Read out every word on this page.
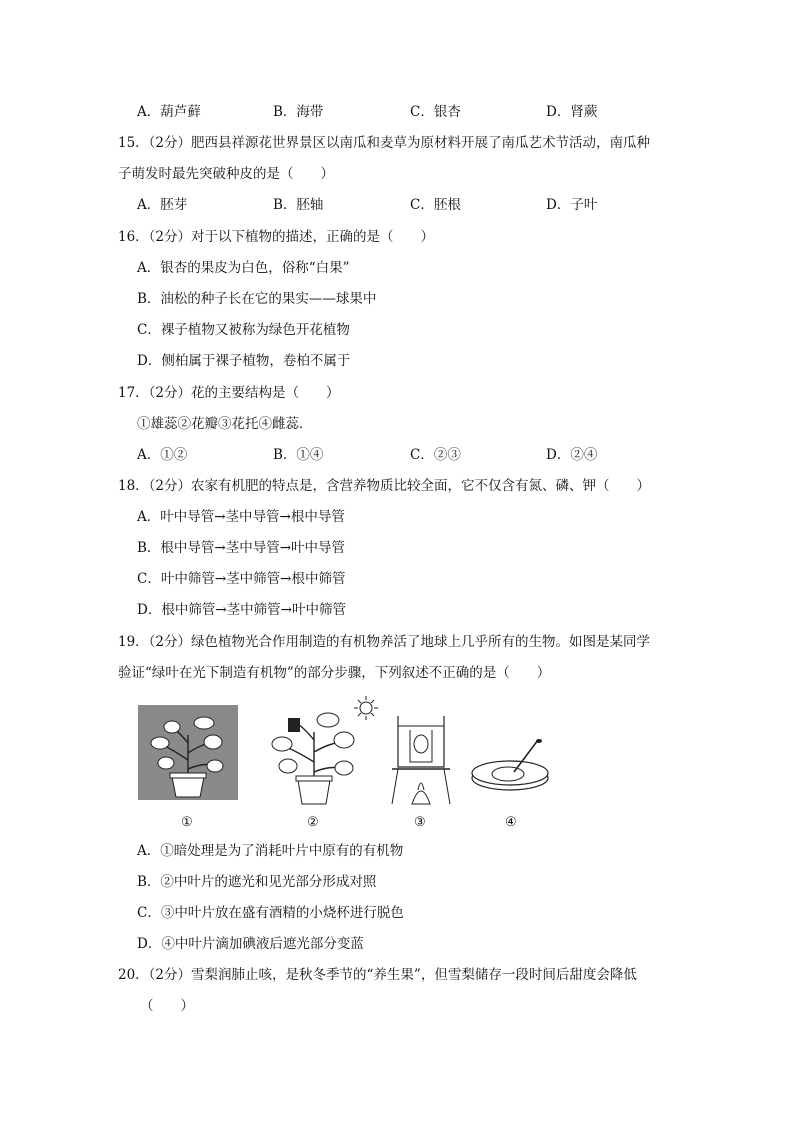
A．葫芦藓	B．海带	C．银杏	D．肾蕨
15．（2分）肥西县祥源花世界景区以南瓜和麦草为原材料开展了南瓜艺术节活动，南瓜种
子萌发时最先突破种皮的是（　　）
A．胚芽	B．胚轴	C．胚根	D．子叶
16．（2分）对于以下植物的描述，正确的是（　　）
A．银杏的果皮为白色，俗称“白果”
B．油松的种子长在它的果实——球果中
C．裸子植物又被称为绿色开花植物
D．侧柏属于裸子植物，卷柏不属于
17．（2分）花的主要结构是（　　）
①雄蕊②花瓣③花托④雌蕊．
A．①②	B．①④	C．②③	D．②④
18．（2分）农家有机肥的特点是，含营养物质比较全面，它不仅含有氮、磷、钾（　　）
A．叶中导管→茎中导管→根中导管
B．根中导管→茎中导管→叶中导管
C．叶中筛管→茎中筛管→根中筛管
D．根中筛管→茎中筛管→叶中筛管
19．（2分）绿色植物光合作用制造的有机物养活了地球上几乎所有的生物。如图是某同学
验证“绿叶在光下制造有机物”的部分步骤，下列叙述不正确的是（　　）
①	②	③	④
A．①暗处理是为了消耗叶片中原有的有机物
B．②中叶片的遮光和见光部分形成对照
C．③中叶片放在盛有酒精的小烧杯进行脱色
D．④中叶片滴加碘液后遮光部分变蓝
20．（2分）雪梨润肺止咳，是秋冬季节的“养生果”，但雪梨储存一段时间后甜度会降低
（　　）
